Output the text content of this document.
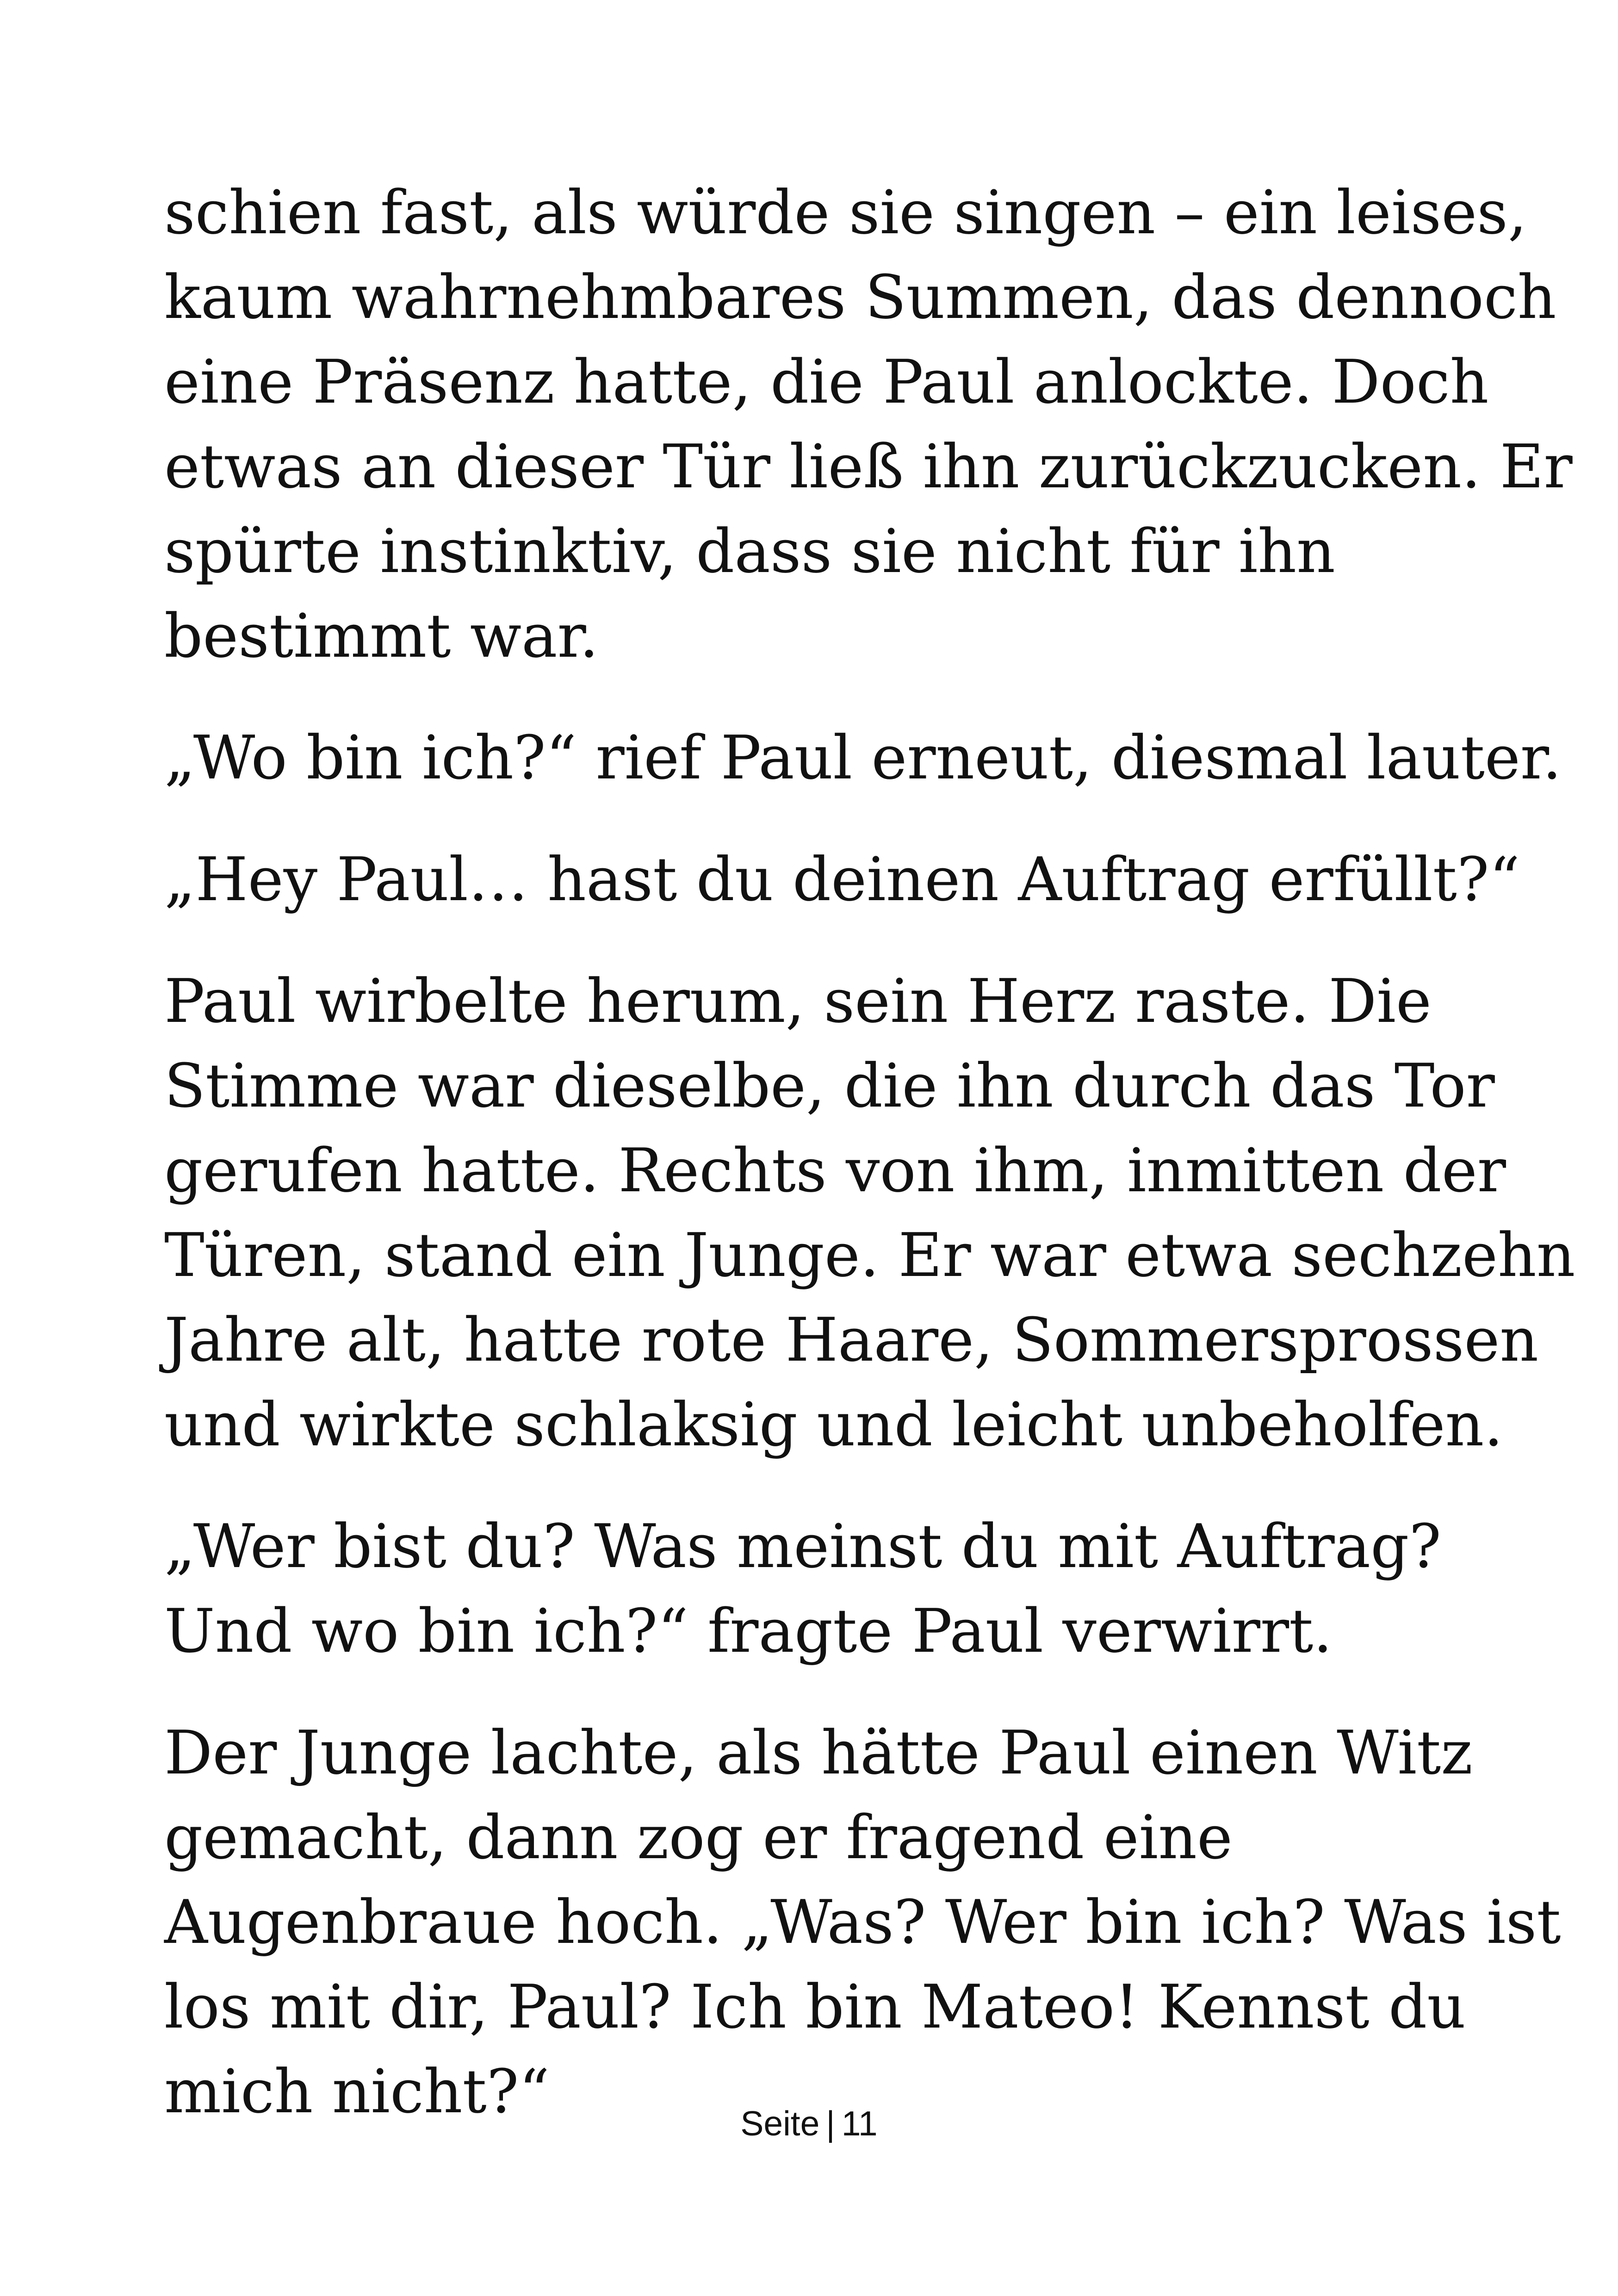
schien fast, als würde sie singen – ein leises,
kaum wahrnehmbares Summen, das dennoch
eine Präsenz hatte, die Paul anlockte. Doch
etwas an dieser Tür ließ ihn zurückzucken. Er
spürte instinktiv, dass sie nicht für ihn
bestimmt war.

„Wo bin ich?“ rief Paul erneut, diesmal lauter.

„Hey Paul… hast du deinen Auftrag erfüllt?“

Paul wirbelte herum, sein Herz raste. Die
Stimme war dieselbe, die ihn durch das Tor
gerufen hatte. Rechts von ihm, inmitten der
Türen, stand ein Junge. Er war etwa sechzehn
Jahre alt, hatte rote Haare, Sommersprossen
und wirkte schlaksig und leicht unbeholfen.

„Wer bist du? Was meinst du mit Auftrag?
Und wo bin ich?“ fragte Paul verwirrt.

Der Junge lachte, als hätte Paul einen Witz
gemacht, dann zog er fragend eine
Augenbraue hoch. „Was? Wer bin ich? Was ist
los mit dir, Paul? Ich bin Mateo! Kennst du
mich nicht?“	Seite | 11
